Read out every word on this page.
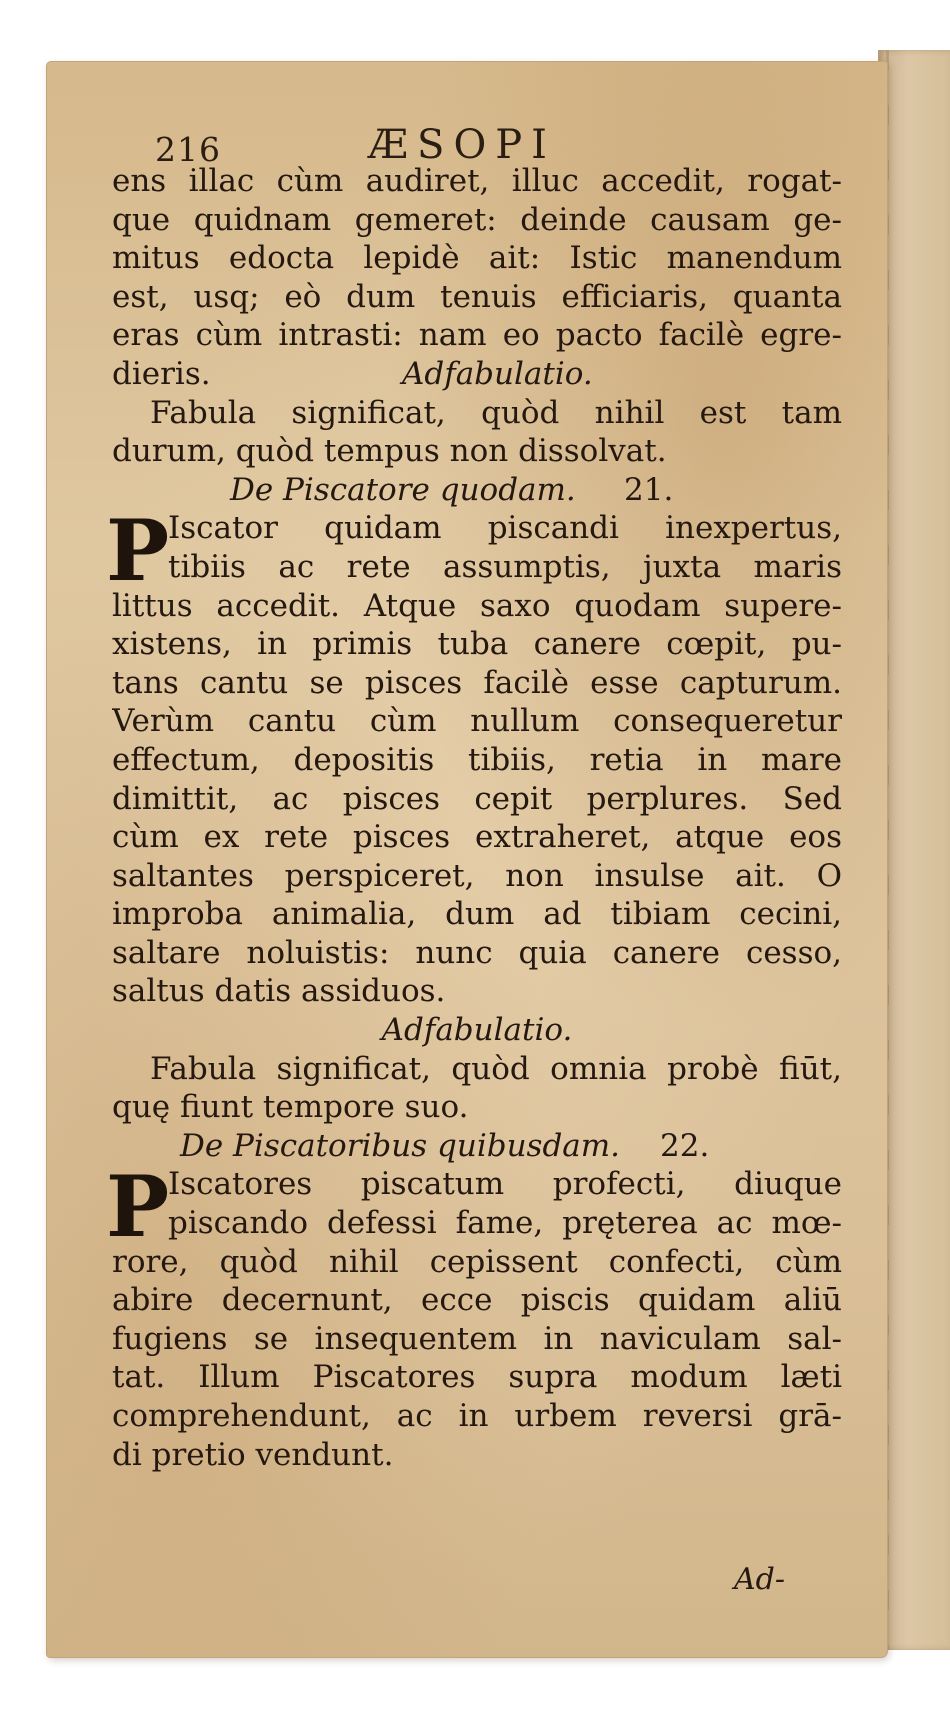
216	ÆSOPI
ens illac cùm audiret, illuc accedit, rogat-
que quidnam gemeret: deinde causam ge-
mitus edocta lepidè ait: Istic manendum
est, usq; eò dum tenuis efficiaris, quanta
eras cùm intrasti: nam eo pacto facilè egre-
dieris.	Adfabulatio.
Fabula significat, quòd nihil est tam
durum, quòd tempus non dissolvat.
De Piscatore quodam. 21.
P
Iscator quidam piscandi inexpertus,
tibiis ac rete assumptis, juxta maris
littus accedit. Atque saxo quodam supere-
xistens, in primis tuba canere cœpit, pu-
tans cantu se pisces facilè esse capturum.
Verùm cantu cùm nullum consequeretur
effectum, depositis tibiis, retia in mare
dimittit, ac pisces cepit perplures. Sed
cùm ex rete pisces extraheret, atque eos
saltantes perspiceret, non insulse ait. O
improba animalia, dum ad tibiam cecini,
saltare noluistis: nunc quia canere cesso,
saltus datis assiduos.
Adfabulatio.
Fabula significat, quòd omnia probè fiūt,
quę fiunt tempore suo.
De Piscatoribus quibusdam. 22.
P
Iscatores piscatum profecti, diuque
piscando defessi fame, pręterea ac mœ-
rore, quòd nihil cepissent confecti, cùm
abire decernunt, ecce piscis quidam aliū
fugiens se insequentem in naviculam sal-
tat. Illum Piscatores supra modum læti
comprehendunt, ac in urbem reversi grā-
di pretio vendunt.
Ad-
